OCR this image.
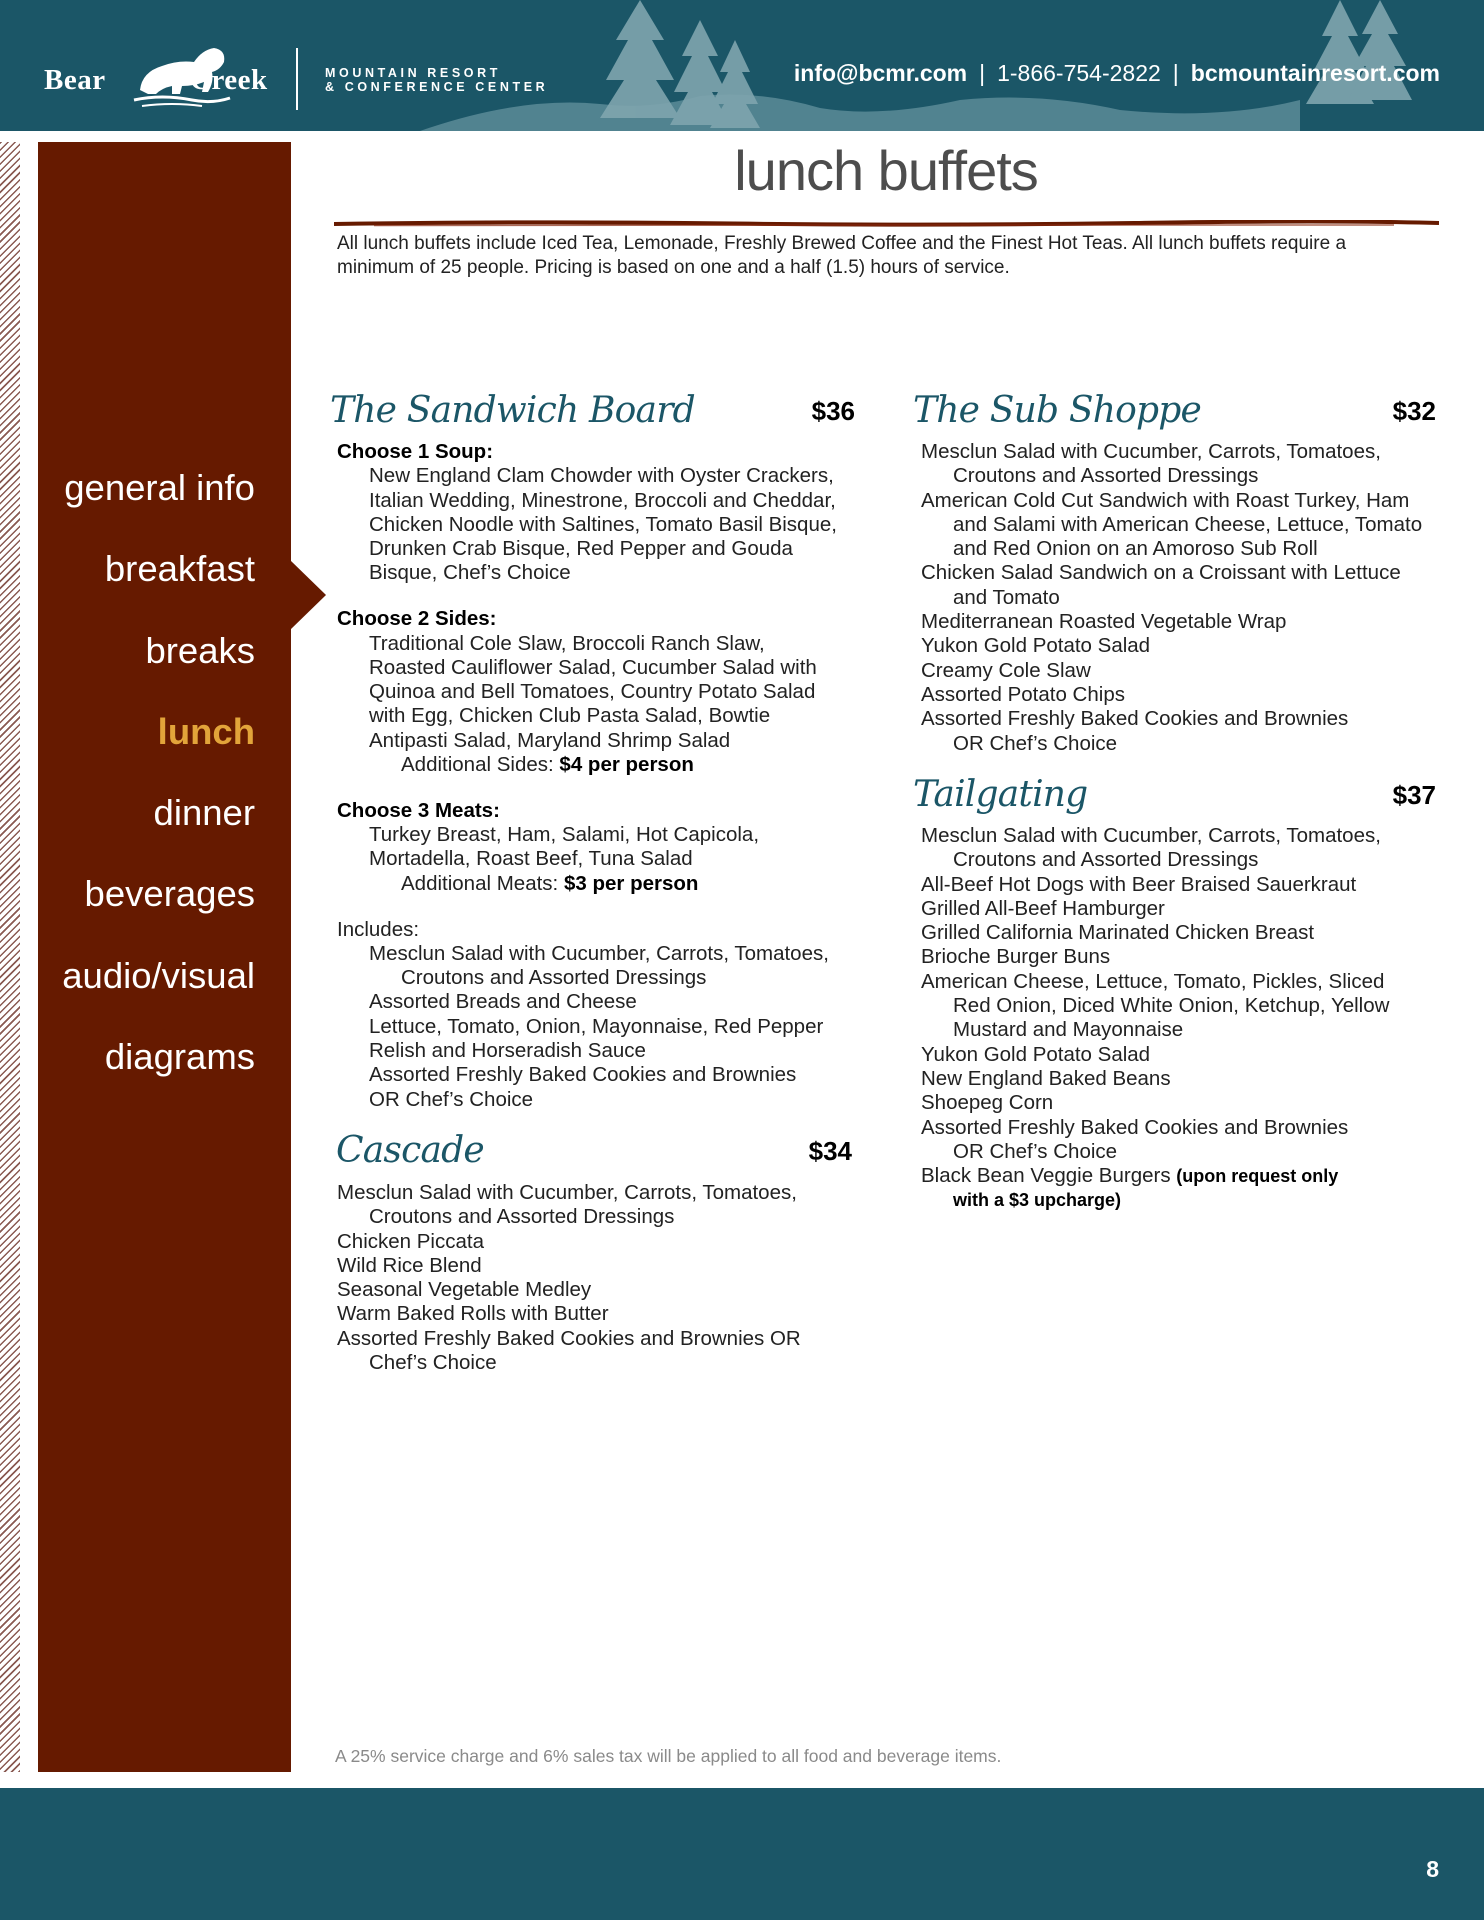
Bear	Creek	MOUNTAIN RESORT
& CONFERENCE CENTER
info@bcmr.com | 1-866-754-2822 | bcmountainresort.com
general info
breakfast
breaks
lunch
dinner
beverages
audio/visual
diagrams
lunch buffets
All lunch buffets include Iced Tea, Lemonade, Freshly Brewed Coffee and the Finest Hot Teas. All lunch buffets require a minimum of 25 people. Pricing is based on one and a half (1.5) hours of service.
The Sandwich Board	$36
Choose 1 Soup:
New England Clam Chowder with Oyster Crackers,
Italian Wedding, Minestrone, Broccoli and Cheddar,
Chicken Noodle with Saltines, Tomato Basil Bisque,
Drunken Crab Bisque, Red Pepper and Gouda
Bisque, Chef’s Choice
Choose 2 Sides:
Traditional Cole Slaw, Broccoli Ranch Slaw,
Roasted Cauliflower Salad, Cucumber Salad with
Quinoa and Bell Tomatoes, Country Potato Salad
with Egg, Chicken Club Pasta Salad, Bowtie
Antipasti Salad, Maryland Shrimp Salad
Additional Sides: $4 per person
Choose 3 Meats:
Turkey Breast, Ham, Salami, Hot Capicola,
Mortadella, Roast Beef, Tuna Salad
Additional Meats: $3 per person
Includes:
Mesclun Salad with Cucumber, Carrots, Tomatoes,
Croutons and Assorted Dressings
Assorted Breads and Cheese
Lettuce, Tomato, Onion, Mayonnaise, Red Pepper
Relish and Horseradish Sauce
Assorted Freshly Baked Cookies and Brownies
OR Chef’s Choice
Cascade	$34
Mesclun Salad with Cucumber, Carrots, Tomatoes,
Croutons and Assorted Dressings
Chicken Piccata
Wild Rice Blend
Seasonal Vegetable Medley
Warm Baked Rolls with Butter
Assorted Freshly Baked Cookies and Brownies OR
Chef’s Choice
The Sub Shoppe	$32
Mesclun Salad with Cucumber, Carrots, Tomatoes,
Croutons and Assorted Dressings
American Cold Cut Sandwich with Roast Turkey, Ham
and Salami with American Cheese, Lettuce, Tomato
and Red Onion on an Amoroso Sub Roll
Chicken Salad Sandwich on a Croissant with Lettuce
and Tomato
Mediterranean Roasted Vegetable Wrap
Yukon Gold Potato Salad
Creamy Cole Slaw
Assorted Potato Chips
Assorted Freshly Baked Cookies and Brownies
OR Chef’s Choice
Tailgating	$37
Mesclun Salad with Cucumber, Carrots, Tomatoes,
Croutons and Assorted Dressings
All-Beef Hot Dogs with Beer Braised Sauerkraut
Grilled All-Beef Hamburger
Grilled California Marinated Chicken Breast
Brioche Burger Buns
American Cheese, Lettuce, Tomato, Pickles, Sliced
Red Onion, Diced White Onion, Ketchup, Yellow
Mustard and Mayonnaise
Yukon Gold Potato Salad
New England Baked Beans
Shoepeg Corn
Assorted Freshly Baked Cookies and Brownies
OR Chef’s Choice
Black Bean Veggie Burgers (upon request only
with a $3 upcharge)
A 25% service charge and 6% sales tax will be applied to all food and beverage items.
8
